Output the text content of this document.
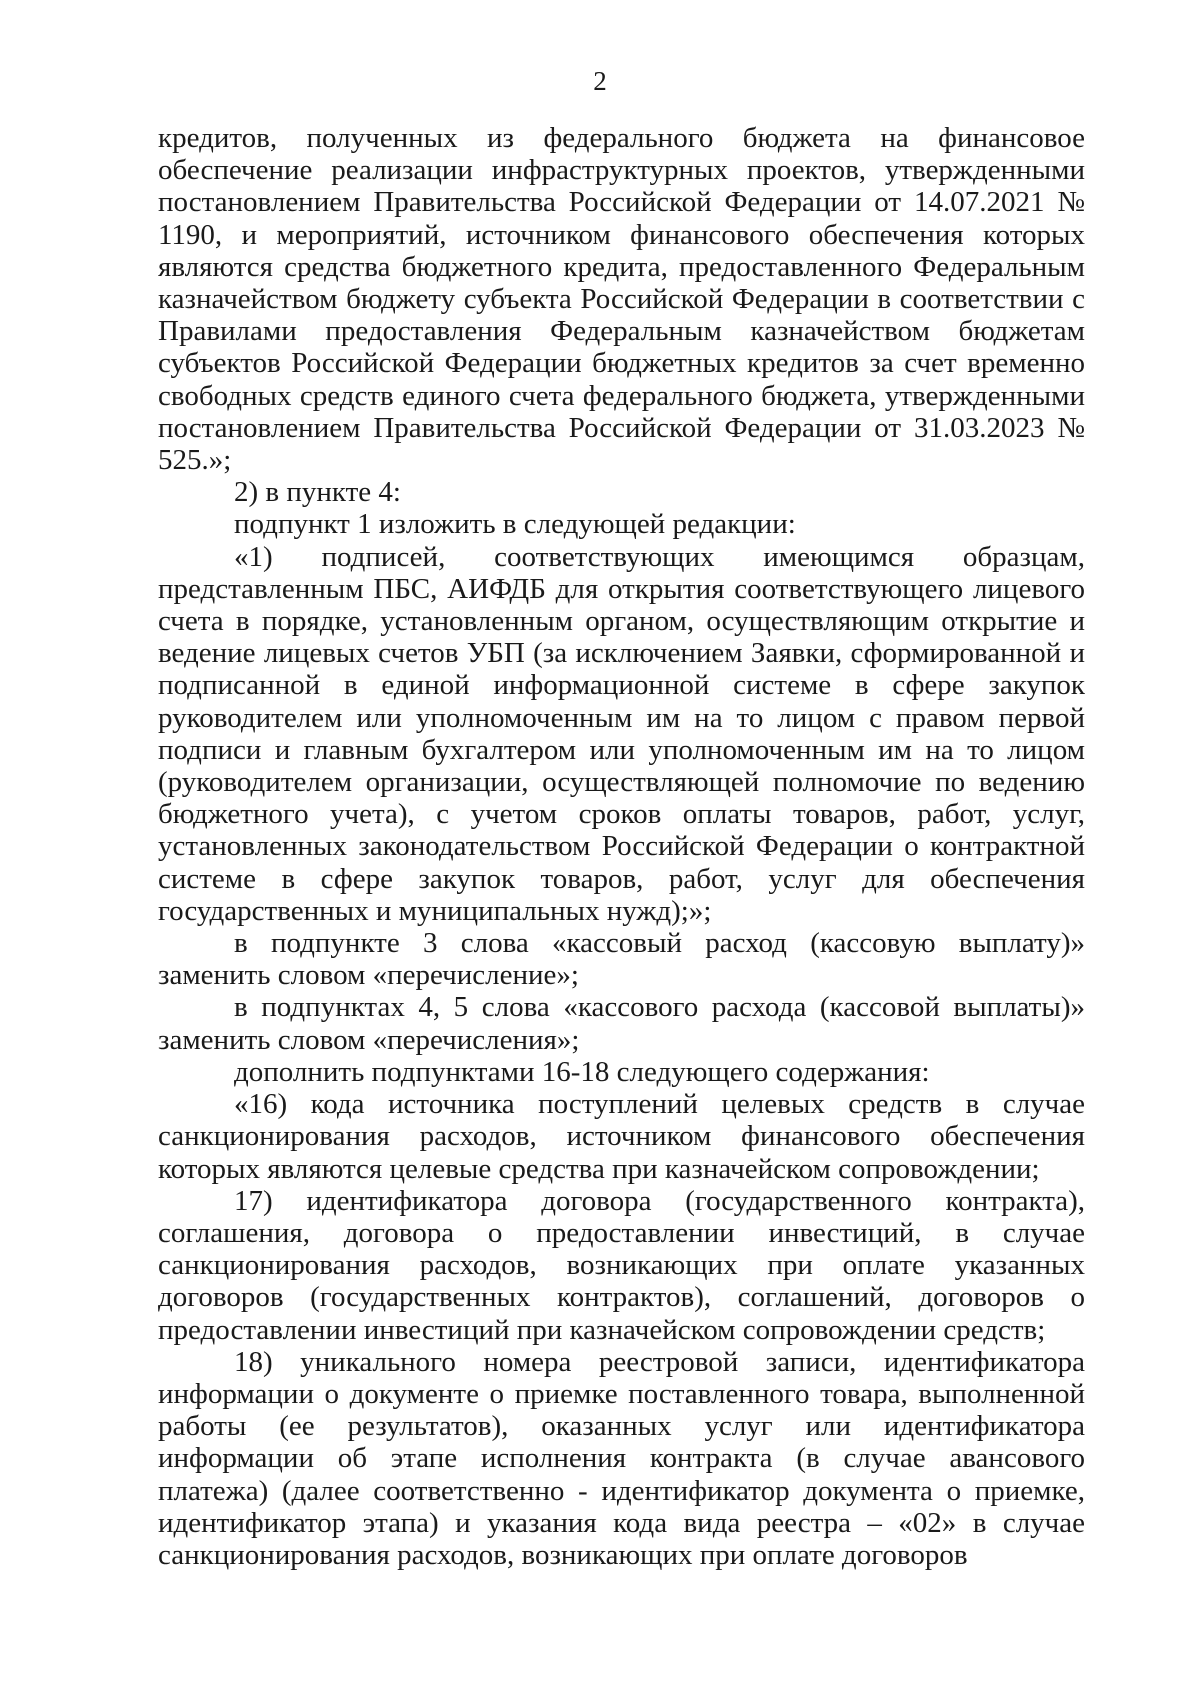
2

кредитов, полученных из федерального бюджета на финансовое обеспечение реализации инфраструктурных проектов, утвержденными постановлением Правительства Российской Федерации от 14.07.2021 № 1190, и мероприятий, источником финансового обеспечения которых являются средства бюджетного кредита, предоставленного Федеральным казначейством бюджету субъекта Российской Федерации в соответствии с Правилами предоставления Федеральным казначейством бюджетам субъектов Российской Федерации бюджетных кредитов за счет временно свободных средств единого счета федерального бюджета, утвержденными постановлением Правительства Российской Федерации от 31.03.2023 № 525.»;

2) в пункте 4:

подпункт 1 изложить в следующей редакции:

«1) подписей, соответствующих имеющимся образцам, представленным ПБС, АИФДБ для открытия соответствующего лицевого счета в порядке, установленным органом, осуществляющим открытие и ведение лицевых счетов УБП (за исключением Заявки, сформированной и подписанной в единой информационной системе в сфере закупок руководителем или уполномоченным им на то лицом с правом первой подписи и главным бухгалтером или уполномоченным им на то лицом (руководителем организации, осуществляющей полномочие по ведению бюджетного учета), с учетом сроков оплаты товаров, работ, услуг, установленных законодательством Российской Федерации о контрактной системе в сфере закупок товаров, работ, услуг для обеспечения государственных и муниципальных нужд);»;

в подпункте 3 слова «кассовый расход (кассовую выплату)» заменить словом «перечисление»;

в подпунктах 4, 5 слова «кассового расхода (кассовой выплаты)» заменить словом «перечисления»;

дополнить подпунктами 16-18 следующего содержания:

«16) кода источника поступлений целевых средств в случае санкционирования расходов, источником финансового обеспечения которых являются целевые средства при казначейском сопровождении;

17) идентификатора договора (государственного контракта), соглашения, договора о предоставлении инвестиций, в случае санкционирования расходов, возникающих при оплате указанных договоров (государственных контрактов), соглашений, договоров о предоставлении инвестиций при казначейском сопровождении средств;

18) уникального номера реестровой записи, идентификатора информации о документе о приемке поставленного товара, выполненной работы (ее результатов), оказанных услуг или идентификатора информации об этапе исполнения контракта (в случае авансового платежа) (далее соответственно - идентификатор документа о приемке, идентификатор этапа) и указания кода вида реестра – «02» в случае санкционирования расходов, возникающих при оплате договоров
